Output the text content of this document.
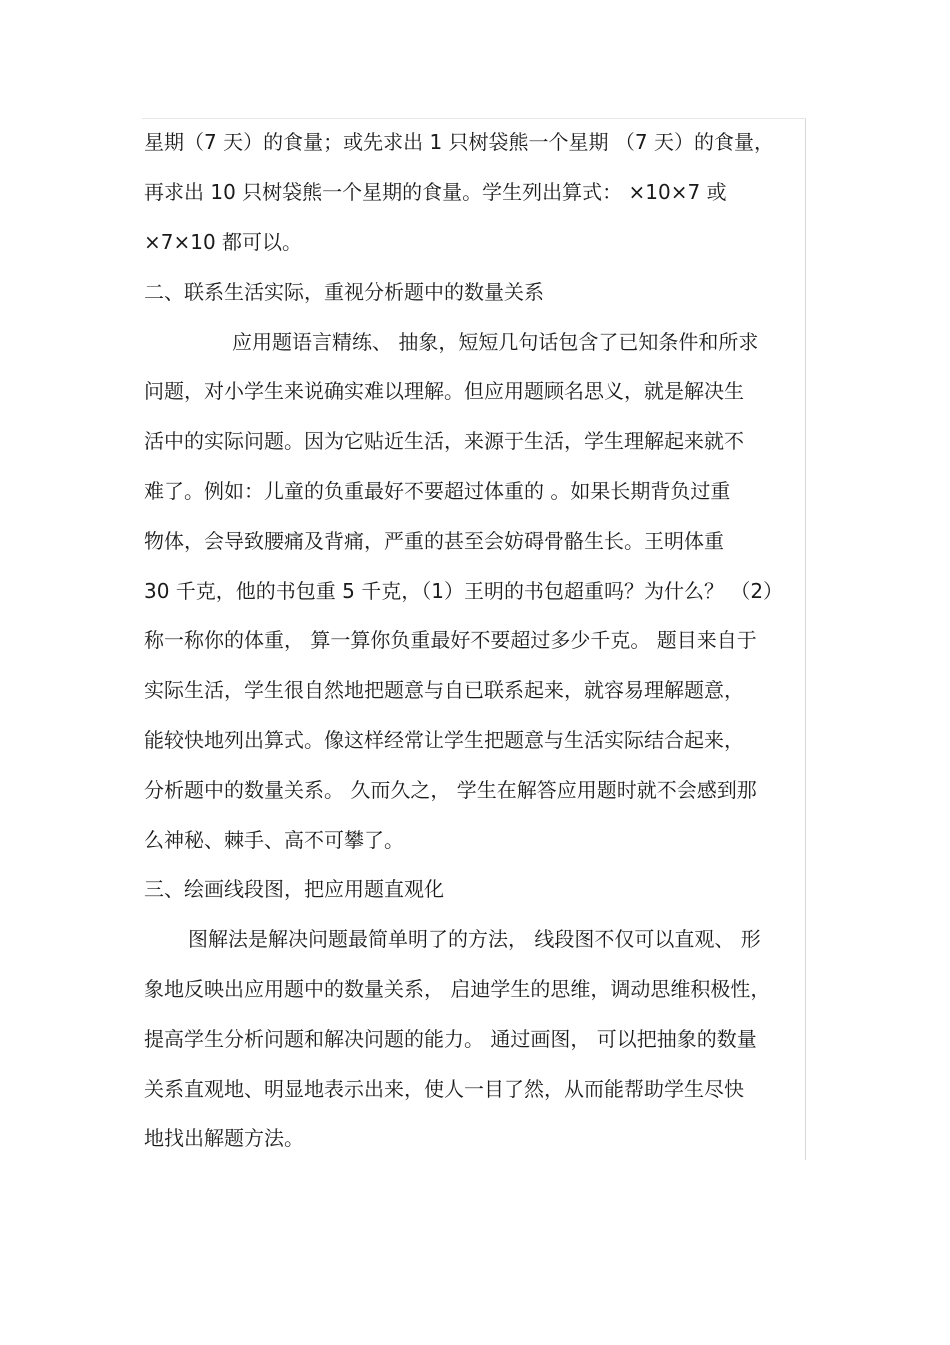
星期（7 天）的食量；或先求出 1 只树袋熊一个星期 （7 天）的食量，
再求出 10 只树袋熊一个星期的食量。学生列出算式： ×10×7 或
×7×10 都可以。
二、联系生活实际，重视分析题中的数量关系
应用题语言精练、 抽象，短短几句话包含了已知条件和所求
问题，对小学生来说确实难以理解。但应用题顾名思义，就是解决生
活中的实际问题。因为它贴近生活，来源于生活，学生理解起来就不
难了。例如：儿童的负重最好不要超过体重的 。如果长期背负过重
物体，会导致腰痛及背痛，严重的甚至会妨碍骨骼生长。王明体重
30 千克，他的书包重 5 千克，（1）王明的书包超重吗？为什么？ （2）
称一称你的体重， 算一算你负重最好不要超过多少千克。 题目来自于
实际生活，学生很自然地把题意与自已联系起来，就容易理解题意，
能较快地列出算式。像这样经常让学生把题意与生活实际结合起来，
分析题中的数量关系。 久而久之， 学生在解答应用题时就不会感到那
么神秘、棘手、高不可攀了。
三、绘画线段图，把应用题直观化
图解法是解决问题最简单明了的方法， 线段图不仅可以直观、 形
象地反映出应用题中的数量关系， 启迪学生的思维，调动思维积极性，
提高学生分析问题和解决问题的能力。 通过画图， 可以把抽象的数量
关系直观地、明显地表示出来，使人一目了然，从而能帮助学生尽快
地找出解题方法。
